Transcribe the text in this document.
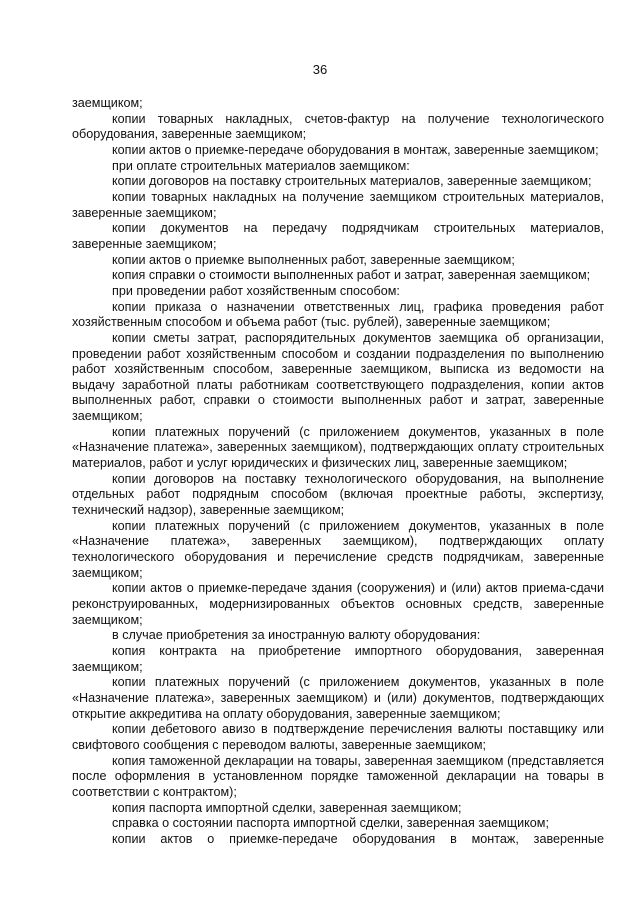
36

заемщиком;

копии товарных накладных, счетов-фактур на получение технологического оборудования, заверенные заемщиком;

копии актов о приемке-передаче оборудования в монтаж, заверенные заемщиком;

при оплате строительных материалов заемщиком:

копии договоров на поставку строительных материалов, заверенные заемщиком;

копии товарных накладных на получение заемщиком строительных материалов, заверенные заемщиком;

копии документов на передачу подрядчикам строительных материалов, заверенные заемщиком;

копии актов о приемке выполненных работ, заверенные заемщиком;

копия справки о стоимости выполненных работ и затрат, заверенная заемщиком;

при проведении работ хозяйственным способом:

копии приказа о назначении ответственных лиц, графика проведения работ хозяйственным способом и объема работ (тыс. рублей), заверенные заемщиком;

копии сметы затрат, распорядительных документов заемщика об организации, проведении работ хозяйственным способом и создании подразделения по выполнению работ хозяйственным способом, заверенные заемщиком, выписка из ведомости на выдачу заработной платы работникам соответствующего подразделения, копии актов выполненных работ, справки о стоимости выполненных работ и затрат, заверенные заемщиком;

копии платежных поручений (с приложением документов, указанных в поле «Назначение платежа», заверенных заемщиком), подтверждающих оплату строительных материалов, работ и услуг юридических и физических лиц, заверенные заемщиком;

копии договоров на поставку технологического оборудования, на выполнение отдельных работ подрядным способом (включая проектные работы, экспертизу, технический надзор), заверенные заемщиком;

копии платежных поручений (с приложением документов, указанных в поле «Назначение платежа», заверенных заемщиком), подтверждающих оплату технологического оборудования и перечисление средств подрядчикам, заверенные заемщиком;

копии актов о приемке-передаче здания (сооружения) и (или) актов приема-сдачи реконструированных, модернизированных объектов основных средств, заверенные заемщиком;

в случае приобретения за иностранную валюту оборудования:

копия контракта на приобретение импортного оборудования, заверенная заемщиком;

копии платежных поручений (с приложением документов, указанных в поле «Назначение платежа», заверенных заемщиком) и (или) документов, подтверждающих открытие аккредитива на оплату оборудования, заверенные заемщиком;

копии дебетового авизо в подтверждение перечисления валюты поставщику или свифтового сообщения с переводом валюты, заверенные заемщиком;

копия таможенной декларации на товары, заверенная заемщиком (представляется после оформления в установленном порядке таможенной декларации на товары в соответствии с контрактом);

копия паспорта импортной сделки, заверенная заемщиком;

справка о состоянии паспорта импортной сделки, заверенная заемщиком;

копии актов о приемке-передаче оборудования в монтаж, заверенные
